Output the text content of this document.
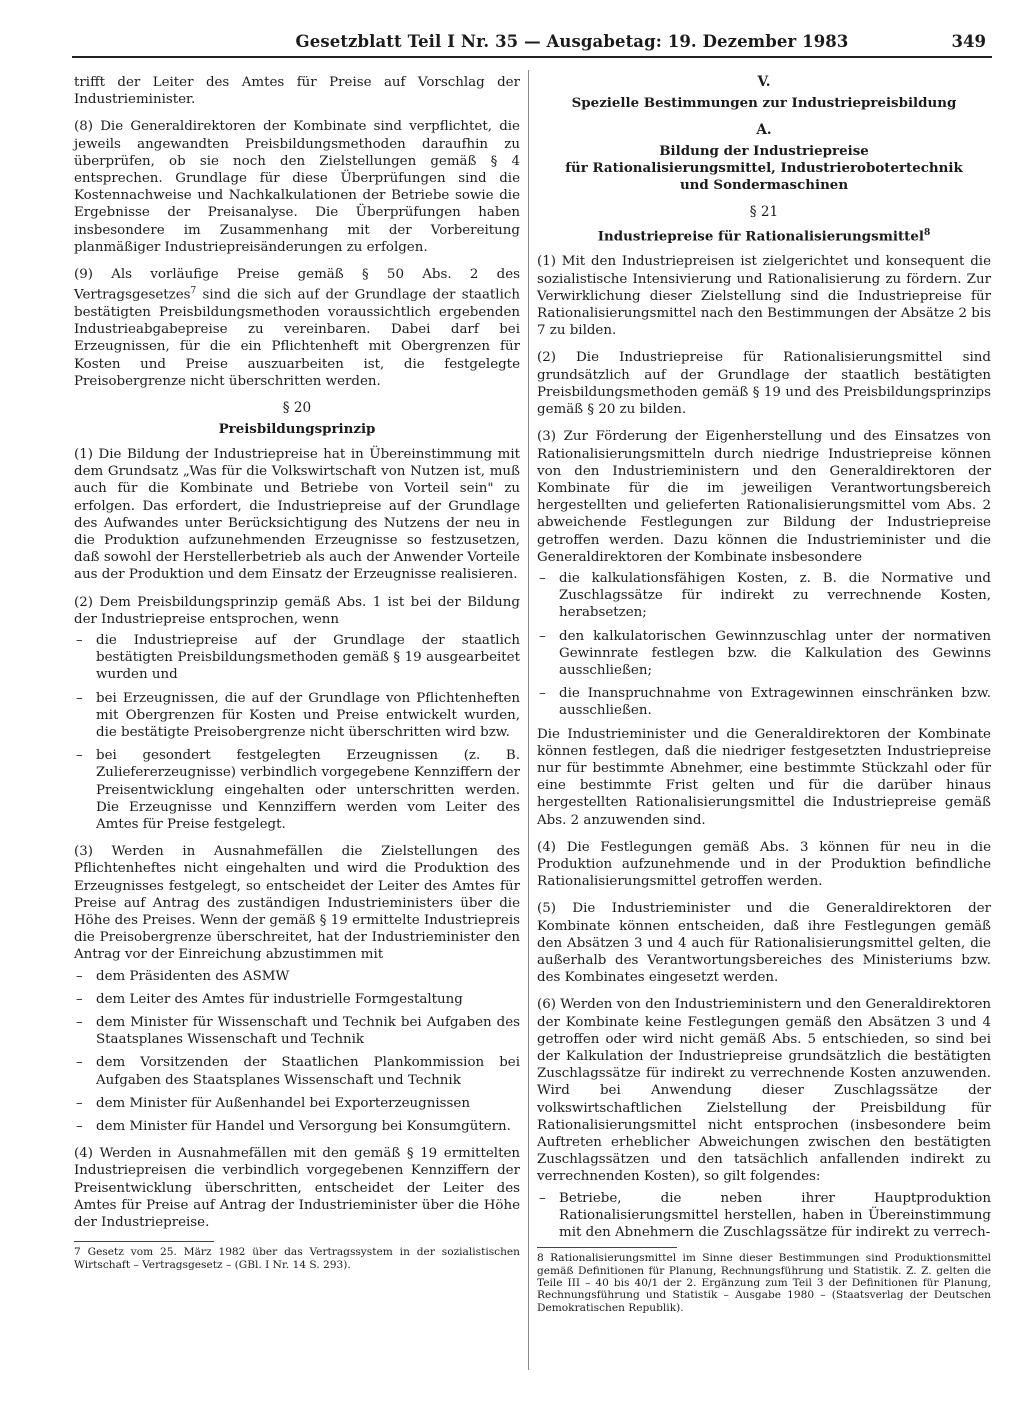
Gesetzblatt Teil I Nr. 35 — Ausgabetag: 19. Dezember 1983	349

trifft der Leiter des Amtes für Preise auf Vorschlag der Industrieminister.

(8) Die Generaldirektoren der Kombinate sind verpflichtet, die jeweils angewandten Preisbildungsmethoden daraufhin zu überprüfen, ob sie noch den Zielstellungen gemäß § 4 entsprechen. Grundlage für diese Überprüfungen sind die Kostennachweise und Nachkalkulationen der Betriebe sowie die Ergebnisse der Preisanalyse. Die Überprüfungen haben insbesondere im Zusammenhang mit der Vorbereitung planmäßiger Industriepreisänderungen zu erfolgen.

(9) Als vorläufige Preise gemäß § 50 Abs. 2 des Vertragsgesetzes$^7$ sind die sich auf der Grundlage der staatlich bestätigten Preisbildungsmethoden voraussichtlich ergebenden Industrieabgabepreise zu vereinbaren. Dabei darf bei Erzeugnissen, für die ein Pflichtenheft mit Obergrenzen für Kosten und Preise auszuarbeiten ist, die festgelegte Preisobergrenze nicht überschritten werden.

§ 20
Preisbildungsprinzip

(1) Die Bildung der Industriepreise hat in Übereinstimmung mit dem Grundsatz „Was für die Volkswirtschaft von Nutzen ist, muß auch für die Kombinate und Betriebe von Vorteil sein" zu erfolgen. Das erfordert, die Industriepreise auf der Grundlage des Aufwandes unter Berücksichtigung des Nutzens der neu in die Produktion aufzunehmenden Erzeugnisse so festzusetzen, daß sowohl der Herstellerbetrieb als auch der Anwender Vorteile aus der Produktion und dem Einsatz der Erzeugnisse realisieren.

(2) Dem Preisbildungsprinzip gemäß Abs. 1 ist bei der Bildung der Industriepreise entsprochen, wenn

– die Industriepreise auf der Grundlage der staatlich bestätigten Preisbildungsmethoden gemäß § 19 ausgearbeitet wurden und
– bei Erzeugnissen, die auf der Grundlage von Pflichtenheften mit Obergrenzen für Kosten und Preise entwickelt wurden, die bestätigte Preisobergrenze nicht überschritten wird bzw.
– bei gesondert festgelegten Erzeugnissen (z. B. Zuliefererzeugnisse) verbindlich vorgegebene Kennziffern der Preisentwicklung eingehalten oder unterschritten werden. Die Erzeugnisse und Kennziffern werden vom Leiter des Amtes für Preise festgelegt.

(3) Werden in Ausnahmefällen die Zielstellungen des Pflichtenheftes nicht eingehalten und wird die Produktion des Erzeugnisses festgelegt, so entscheidet der Leiter des Amtes für Preise auf Antrag des zuständigen Industrieministers über die Höhe des Preises. Wenn der gemäß § 19 ermittelte Industriepreis die Preisobergrenze überschreitet, hat der Industrieminister den Antrag vor der Einreichung abzustimmen mit

– dem Präsidenten des ASMW
– dem Leiter des Amtes für industrielle Formgestaltung
– dem Minister für Wissenschaft und Technik bei Aufgaben des Staatsplanes Wissenschaft und Technik
– dem Vorsitzenden der Staatlichen Plankommission bei Aufgaben des Staatsplanes Wissenschaft und Technik
– dem Minister für Außenhandel bei Exporterzeugnissen
– dem Minister für Handel und Versorgung bei Konsumgütern.

(4) Werden in Ausnahmefällen mit den gemäß § 19 ermittelten Industriepreisen die verbindlich vorgegebenen Kennziffern der Preisentwicklung überschritten, entscheidet der Leiter des Amtes für Preise auf Antrag der Industrieminister über die Höhe der Industriepreise.

7 Gesetz vom 25. März 1982 über das Vertragssystem in der sozialistischen Wirtschaft – Vertragsgesetz – (GBl. I Nr. 14 S. 293).

V.
Spezielle Bestimmungen zur Industriepreisbildung
A.
Bildung der Industriepreise
für Rationalisierungsmittel, Industrierobotertechnik
und Sondermaschinen
§ 21
Industriepreise für Rationalisierungsmittel$^8$

(1) Mit den Industriepreisen ist zielgerichtet und konsequent die sozialistische Intensivierung und Rationalisierung zu fördern. Zur Verwirklichung dieser Zielstellung sind die Industriepreise für Rationalisierungsmittel nach den Bestimmungen der Absätze 2 bis 7 zu bilden.

(2) Die Industriepreise für Rationalisierungsmittel sind grundsätzlich auf der Grundlage der staatlich bestätigten Preisbildungsmethoden gemäß § 19 und des Preisbildungsprinzips gemäß § 20 zu bilden.

(3) Zur Förderung der Eigenherstellung und des Einsatzes von Rationalisierungsmitteln durch niedrige Industriepreise können von den Industrieministern und den Generaldirektoren der Kombinate für die im jeweiligen Verantwortungsbereich hergestellten und gelieferten Rationalisierungsmittel vom Abs. 2 abweichende Festlegungen zur Bildung der Industriepreise getroffen werden. Dazu können die Industrieminister und die Generaldirektoren der Kombinate insbesondere

– die kalkulationsfähigen Kosten, z. B. die Normative und Zuschlagssätze für indirekt zu verrechnende Kosten, herabsetzen;
– den kalkulatorischen Gewinnzuschlag unter der normativen Gewinnrate festlegen bzw. die Kalkulation des Gewinns ausschließen;
– die Inanspruchnahme von Extragewinnen einschränken bzw. ausschließen.

Die Industrieminister und die Generaldirektoren der Kombinate können festlegen, daß die niedriger festgesetzten Industriepreise nur für bestimmte Abnehmer, eine bestimmte Stückzahl oder für eine bestimmte Frist gelten und für die darüber hinaus hergestellten Rationalisierungsmittel die Industriepreise gemäß Abs. 2 anzuwenden sind.

(4) Die Festlegungen gemäß Abs. 3 können für neu in die Produktion aufzunehmende und in der Produktion befindliche Rationalisierungsmittel getroffen werden.

(5) Die Industrieminister und die Generaldirektoren der Kombinate können entscheiden, daß ihre Festlegungen gemäß den Absätzen 3 und 4 auch für Rationalisierungsmittel gelten, die außerhalb des Verantwortungsbereiches des Ministeriums bzw. des Kombinates eingesetzt werden.

(6) Werden von den Industrieministern und den Generaldirektoren der Kombinate keine Festlegungen gemäß den Absätzen 3 und 4 getroffen oder wird nicht gemäß Abs. 5 entschieden, so sind bei der Kalkulation der Industriepreise grundsätzlich die bestätigten Zuschlagssätze für indirekt zu verrechnende Kosten anzuwenden. Wird bei Anwendung dieser Zuschlagssätze der volkswirtschaftlichen Zielstellung der Preisbildung für Rationalisierungsmittel nicht entsprochen (insbesondere beim Auftreten erheblicher Abweichungen zwischen den bestätigten Zuschlagssätzen und den tatsächlich anfallenden indirekt zu verrechnenden Kosten), so gilt folgendes:

– Betriebe, die neben ihrer Hauptproduktion Rationalisierungsmittel herstellen, haben in Übereinstimmung mit den Abnehmern die Zuschlagssätze für indirekt zu verrech-

8 Rationalisierungsmittel im Sinne dieser Bestimmungen sind Produktionsmittel gemäß Definitionen für Planung, Rechnungsführung und Statistik. Z. Z. gelten die Teile III – 40 bis 40/1 der 2. Ergänzung zum Teil 3 der Definitionen für Planung, Rechnungsführung und Statistik – Ausgabe 1980 – (Staatsverlag der Deutschen Demokratischen Republik).
